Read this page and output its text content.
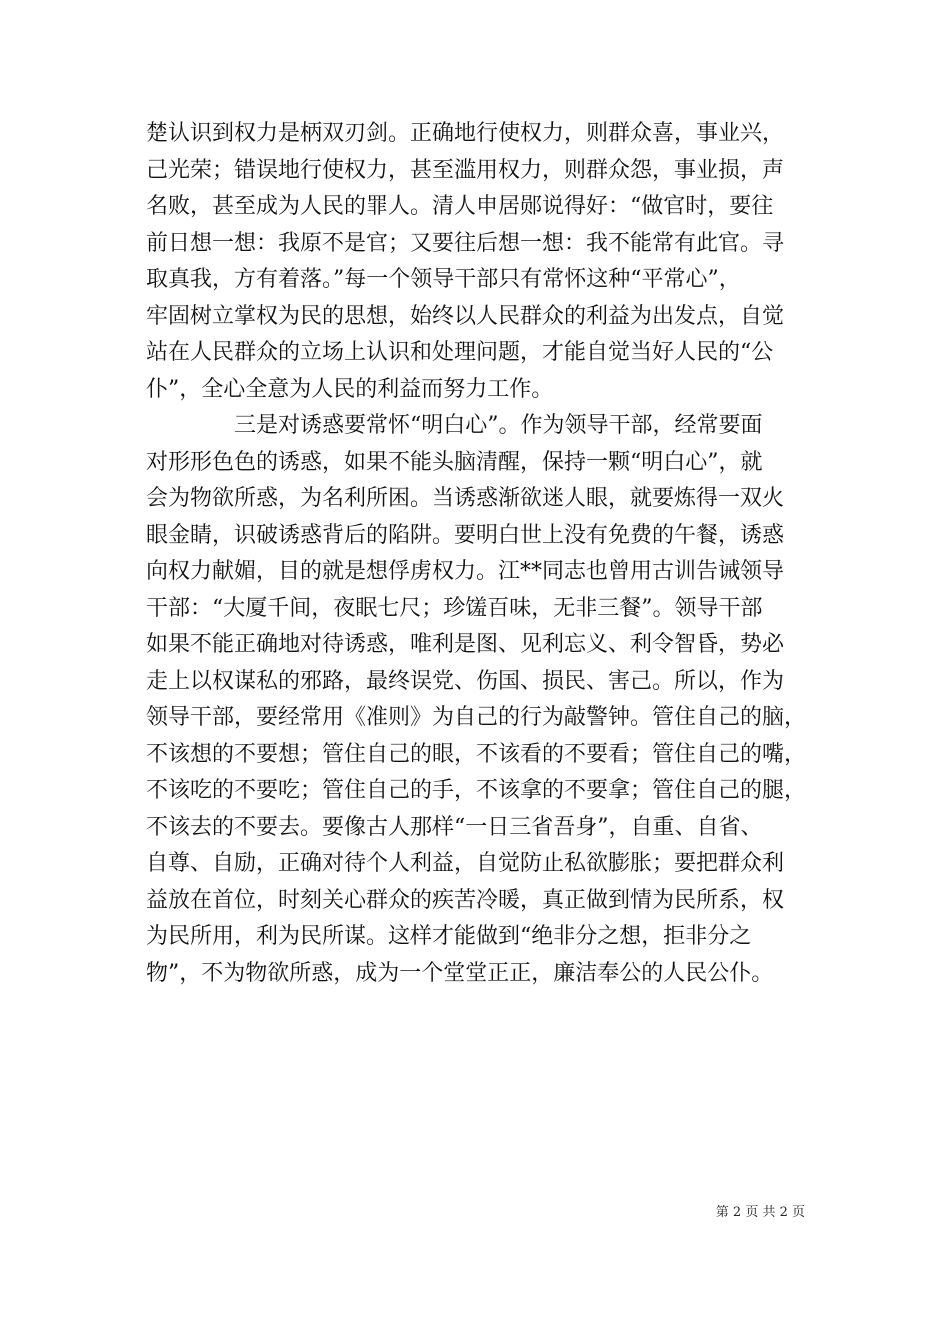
楚认识到权力是柄双刃剑。正确地行使权力，则群众喜，事业兴，
己光荣；错误地行使权力，甚至滥用权力，则群众怨，事业损，声
名败，甚至成为人民的罪人。清人申居郧说得好：“做官时，要往
前日想一想：我原不是官；又要往后想一想：我不能常有此官。寻
取真我，方有着落。”每一个领导干部只有常怀这种“平常心”，
牢固树立掌权为民的思想，始终以人民群众的利益为出发点，自觉
站在人民群众的立场上认识和处理问题，才能自觉当好人民的“公
仆”，全心全意为人民的利益而努力工作。
　　　　三是对诱惑要常怀“明白心”。作为领导干部，经常要面
对形形色色的诱惑，如果不能头脑清醒，保持一颗“明白心”，就
会为物欲所惑，为名利所困。当诱惑渐欲迷人眼，就要炼得一双火
眼金睛，识破诱惑背后的陷阱。要明白世上没有免费的午餐，诱惑
向权力献媚，目的就是想俘虏权力。江**同志也曾用古训告诫领导
干部：“大厦千间，夜眠七尺；珍馐百味，无非三餐”。领导干部
如果不能正确地对待诱惑，唯利是图、见利忘义、利令智昏，势必
走上以权谋私的邪路，最终误党、伤国、损民、害己。所以，作为
领导干部，要经常用《准则》为自己的行为敲警钟。管住自己的脑，
不该想的不要想；管住自己的眼，不该看的不要看；管住自己的嘴，
不该吃的不要吃；管住自己的手，不该拿的不要拿；管住自己的腿，
不该去的不要去。要像古人那样“一日三省吾身”，自重、自省、
自尊、自励，正确对待个人利益，自觉防止私欲膨胀；要把群众利
益放在首位，时刻关心群众的疾苦冷暖，真正做到情为民所系，权
为民所用，利为民所谋。这样才能做到“绝非分之想，拒非分之
物”，不为物欲所惑，成为一个堂堂正正，廉洁奉公的人民公仆。
第 2 页 共 2 页
